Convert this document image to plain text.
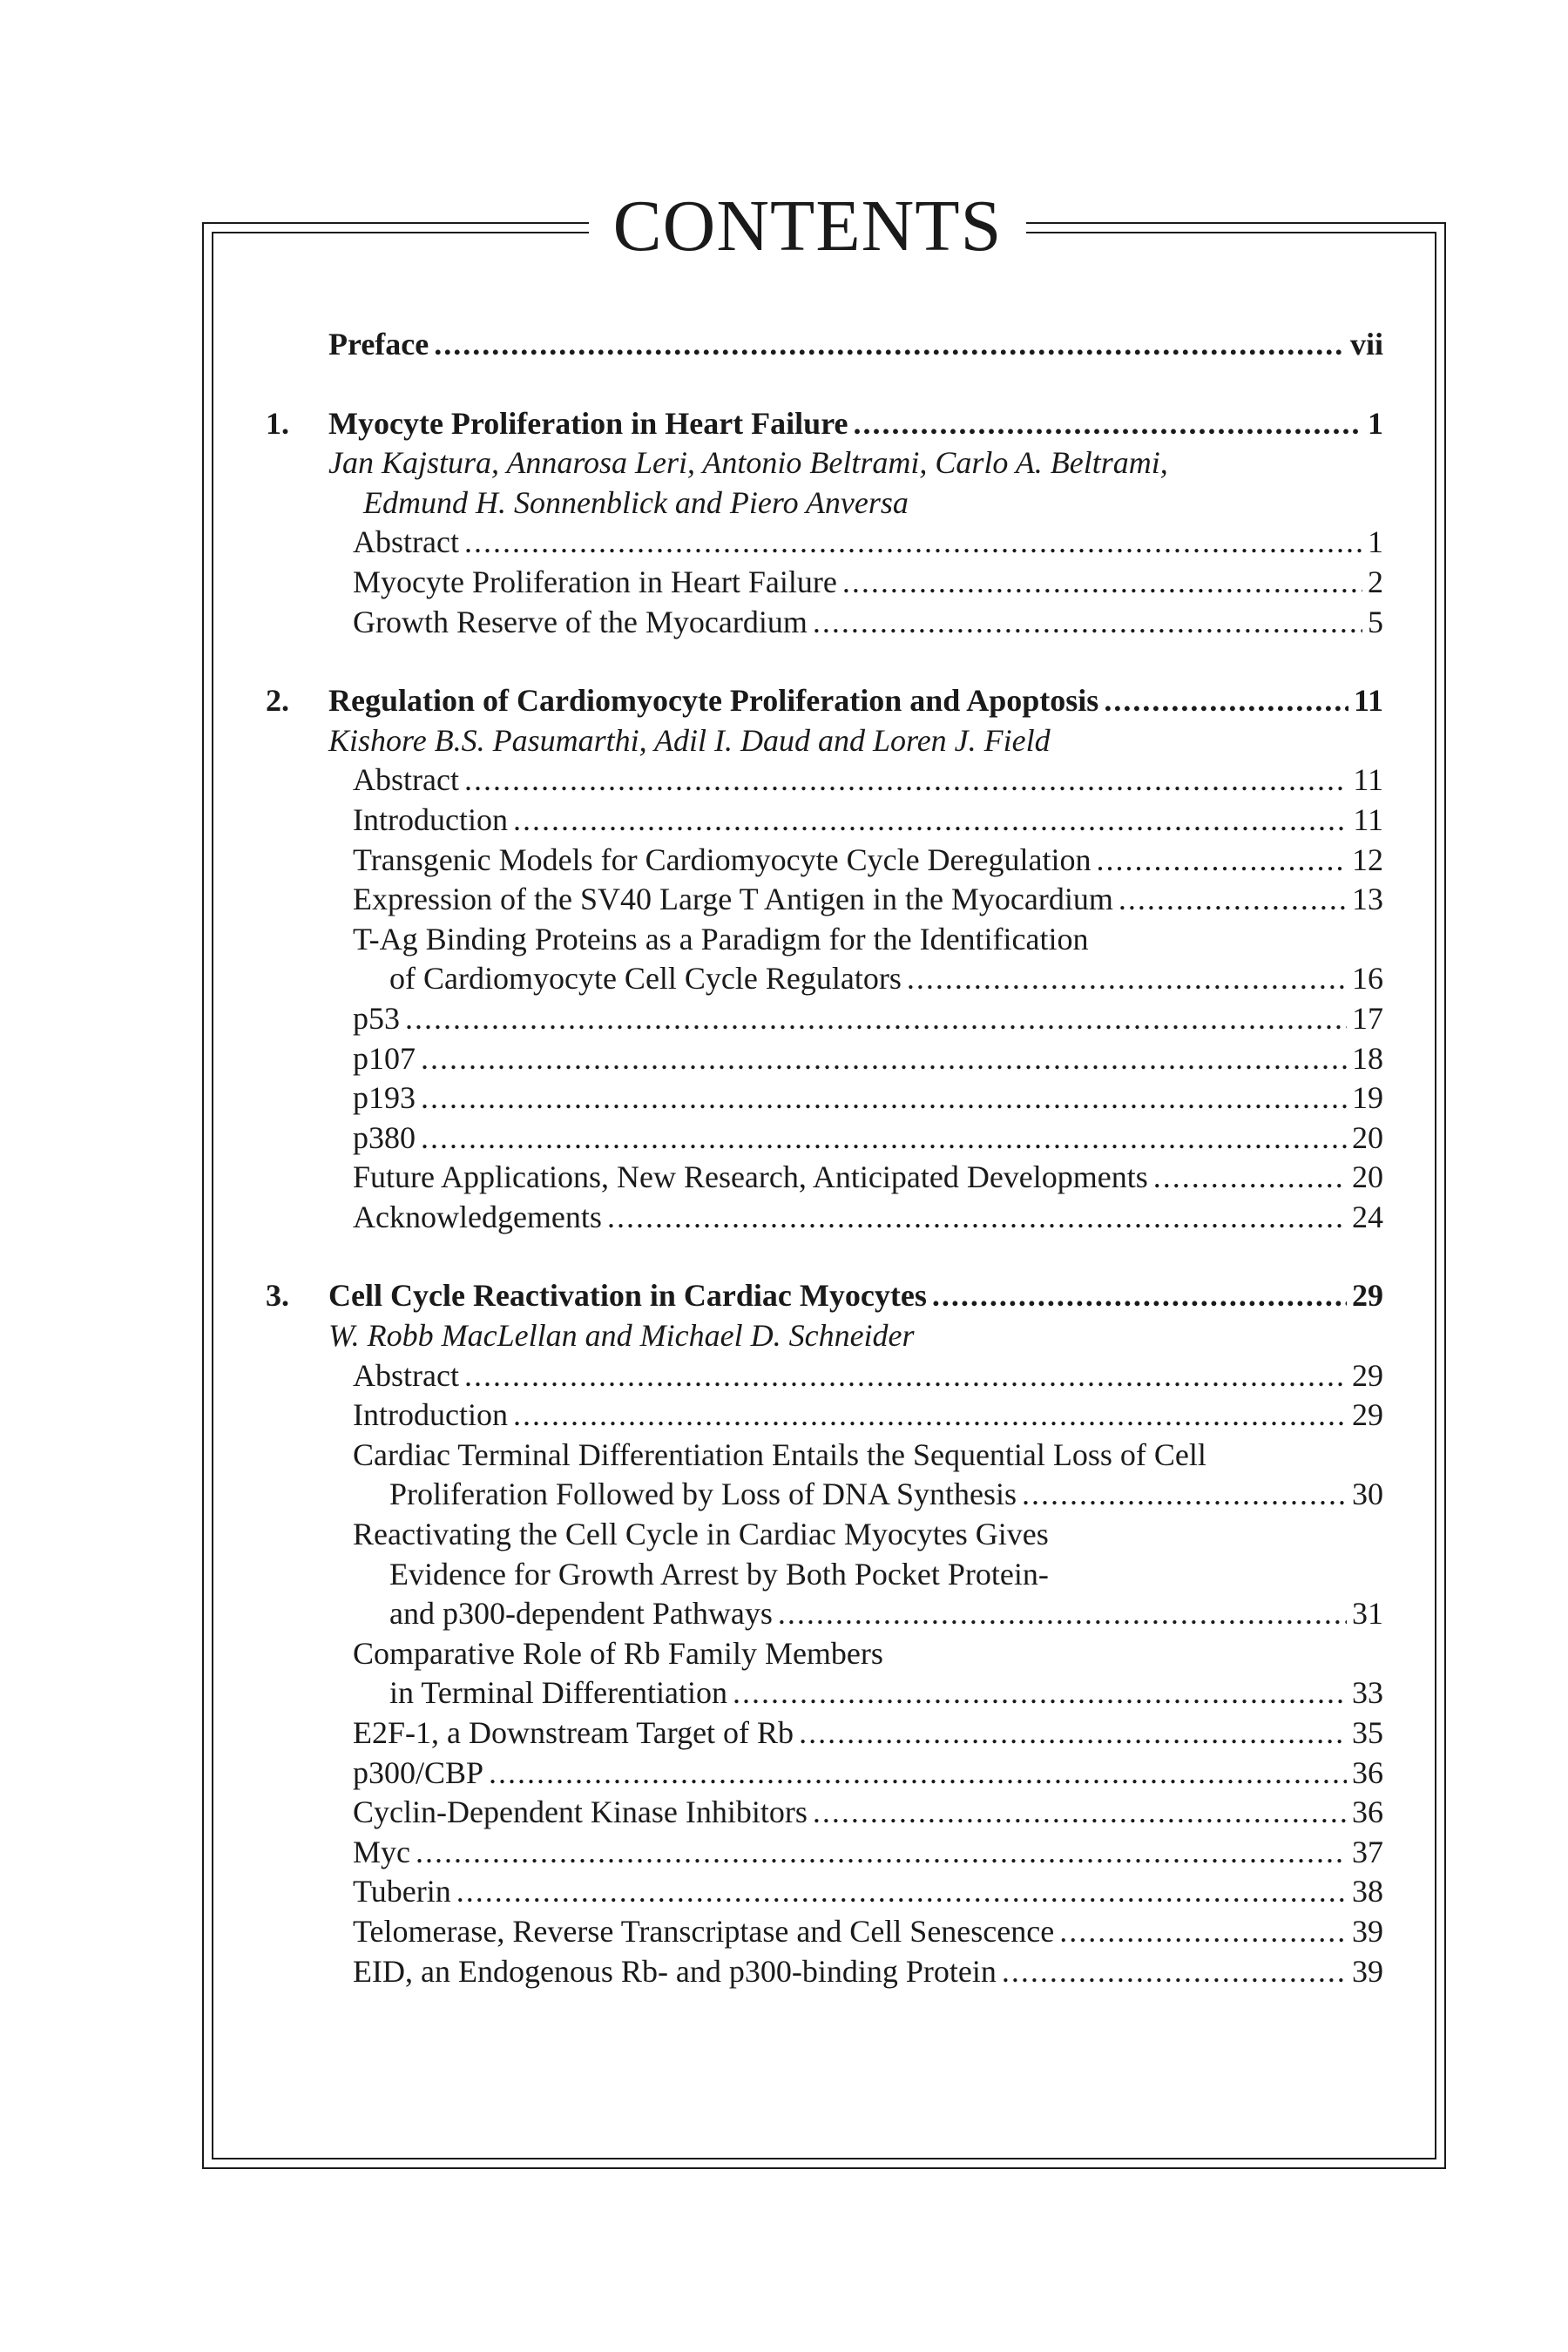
CONTENTS
Preface .....	vii
1.	Myocyte Proliferation in Heart Failure .....	1
Jan Kajstura, Annarosa Leri, Antonio Beltrami, Carlo A. Beltrami,
Edmund H. Sonnenblick and Piero Anversa
Abstract .....	1
Myocyte Proliferation in Heart Failure .....	2
Growth Reserve of the Myocardium .....	5
2.	Regulation of Cardiomyocyte Proliferation and Apoptosis .....	11
Kishore B.S. Pasumarthi, Adil I. Daud and Loren J. Field
Abstract .....	11
Introduction .....	11
Transgenic Models for Cardiomyocyte Cycle Deregulation .....	12
Expression of the SV40 Large T Antigen in the Myocardium .....	13
T-Ag Binding Proteins as a Paradigm for the Identification
of Cardiomyocyte Cell Cycle Regulators .....	16
p53 .....	17
p107 .....	18
p193 .....	19
p380 .....	20
Future Applications, New Research, Anticipated Developments .....	20
Acknowledgements .....	24
3.	Cell Cycle Reactivation in Cardiac Myocytes .....	29
W. Robb MacLellan and Michael D. Schneider
Abstract .....	29
Introduction .....	29
Cardiac Terminal Differentiation Entails the Sequential Loss of Cell
Proliferation Followed by Loss of DNA Synthesis .....	30
Reactivating the Cell Cycle in Cardiac Myocytes Gives
Evidence for Growth Arrest by Both Pocket Protein-
and p300-dependent Pathways .....	31
Comparative Role of Rb Family Members
in Terminal Differentiation .....	33
E2F-1, a Downstream Target of Rb .....	35
p300/CBP .....	36
Cyclin-Dependent Kinase Inhibitors .....	36
Myc .....	37
Tuberin .....	38
Telomerase, Reverse Transcriptase and Cell Senescence .....	39
EID, an Endogenous Rb- and p300-binding Protein .....	39
